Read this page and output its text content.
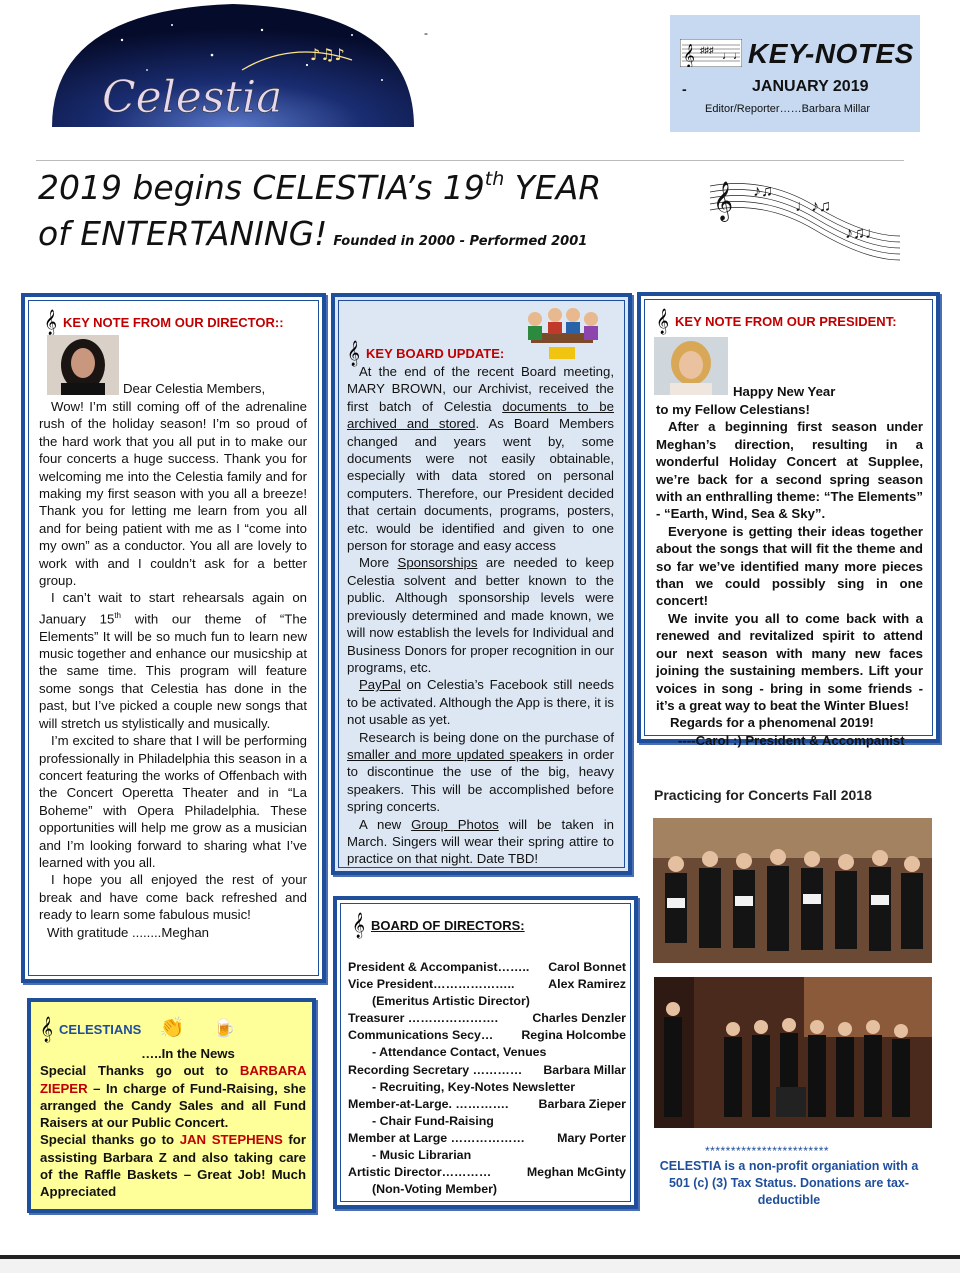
♪♫♪
Celestia
-
𝄞 ♯♯♯ ♩♩ KEY-NOTES
-	JANUARY 2019
Editor/Reporter……Barbara Millar
2019 begins CELESTIA’s 19th YEAR
of ENTERTANING! Founded in 2000 - Performed 2001
𝄞 ♪♫
♩♪♫
♪♫♩
𝄞 KEY NOTE FROM OUR DIRECTOR::
Dear Celestia Members,

Wow! I’m still coming off of the adrenaline rush of the holiday season! I’m so proud of the hard work that you all put in to make our four concerts a huge success. Thank you for welcoming me into the Celestia family and for making my first season with you all a breeze! Thank you for letting me learn from you all and for being patient with me as I “come into my own” as a conductor. You all are lovely to work with and I couldn’t ask for a better group.

I can’t wait to start rehearsals again on January 15th with our theme of “The Elements” It will be so much fun to learn new music together and enhance our musicship at the same time. This program will feature some songs that Celestia has done in the past, but I’ve picked a couple new songs that will stretch us stylistically and musically.

I’m excited to share that I will be performing professionally in Philadelphia this season in a concert featuring the works of Offenbach with the Concert Operetta Theater and in “La Boheme” with Opera Philadelphia. These opportunities will help me grow as a musician and I’m looking forward to sharing what I’ve learned with you all.

I hope you all enjoyed the rest of your break and have come back refreshed and ready to learn some fabulous music!

With gratitude ........Meghan

𝄞 KEY BOARD UPDATE:

At the end of the recent Board meeting, MARY BROWN, our Archivist, received the first batch of Celestia documents to be archived and stored. As Board Members changed and years went by, some documents were not easily obtainable, especially with data stored on personal computers. Therefore, our President decided that certain documents, programs, posters, etc. would be identified and given to one person for storage and easy access

More Sponsorships are needed to keep Celestia solvent and better known to the public. Although sponsorship levels were previously determined and made known, we will now establish the levels for Individual and Business Donors for proper recognition in our programs, etc.

PayPal on Celestia’s Facebook still needs to be activated. Although the App is there, it is not usable as yet.

Research is being done on the purchase of smaller and more updated speakers in order to discontinue the use of the big, heavy speakers. This will be accomplished before spring concerts.

A new Group Photos will be taken in March. Singers will wear their spring attire to practice on that night. Date TBD!

𝄞 KEY NOTE FROM OUR PRESIDENT:
Happy New Year
to my Fellow Celestians!

After a beginning first season under Meghan’s direction, resulting in a wonderful Holiday Concert at Supplee, we’re back for a second spring season with an enthralling theme: “The Elements” - “Earth, Wind, Sea & Sky”.

Everyone is getting their ideas together about the songs that will fit the theme and so far we’ve identified many more pieces than we could possibly sing in one concert!

We invite you all to come back with a renewed and revitalized spirit to attend our next season with many new faces joining the sustaining members. Lift your voices in song - bring in some friends - it’s a great way to beat the Winter Blues!

Regards for a phenomenal 2019!

----Carol :) President & Accompanist

Practicing for Concerts Fall 2018
𝄞 BOARD OF DIRECTORS:
President & Accompanist…….. Carol Bonnet
Vice President………………..	Alex Ramirez
(Emeritus Artistic Director)
Treasurer ………………….	Charles Denzler
Communications Secy… Regina Holcombe
- Attendance Contact, Venues
Recording Secretary ………… Barbara Millar
- Recruiting, Key-Notes Newsletter
Member-at-Large. …………. Barbara Zieper
- Chair Fund-Raising
Member at Large ………………	Mary Porter
- Music Librarian
Artistic Director…………	Meghan McGinty
(Non-Voting Member)
𝄞 CELESTIANS 👏 🍺
…..In the News
Special Thanks go out to BARBARA ZIEPER – In charge of Fund-Raising, she arranged the Candy Sales and all Fund Raisers at our Public Concert.
Special thanks go to JAN STEPHENS for assisting Barbara Z and also taking care of the Raffle Baskets – Great Job! Much Appreciated
************************
CELESTIA is a non-profit organiation with a 501 (c) (3) Tax Status. Donations are tax-deductible
